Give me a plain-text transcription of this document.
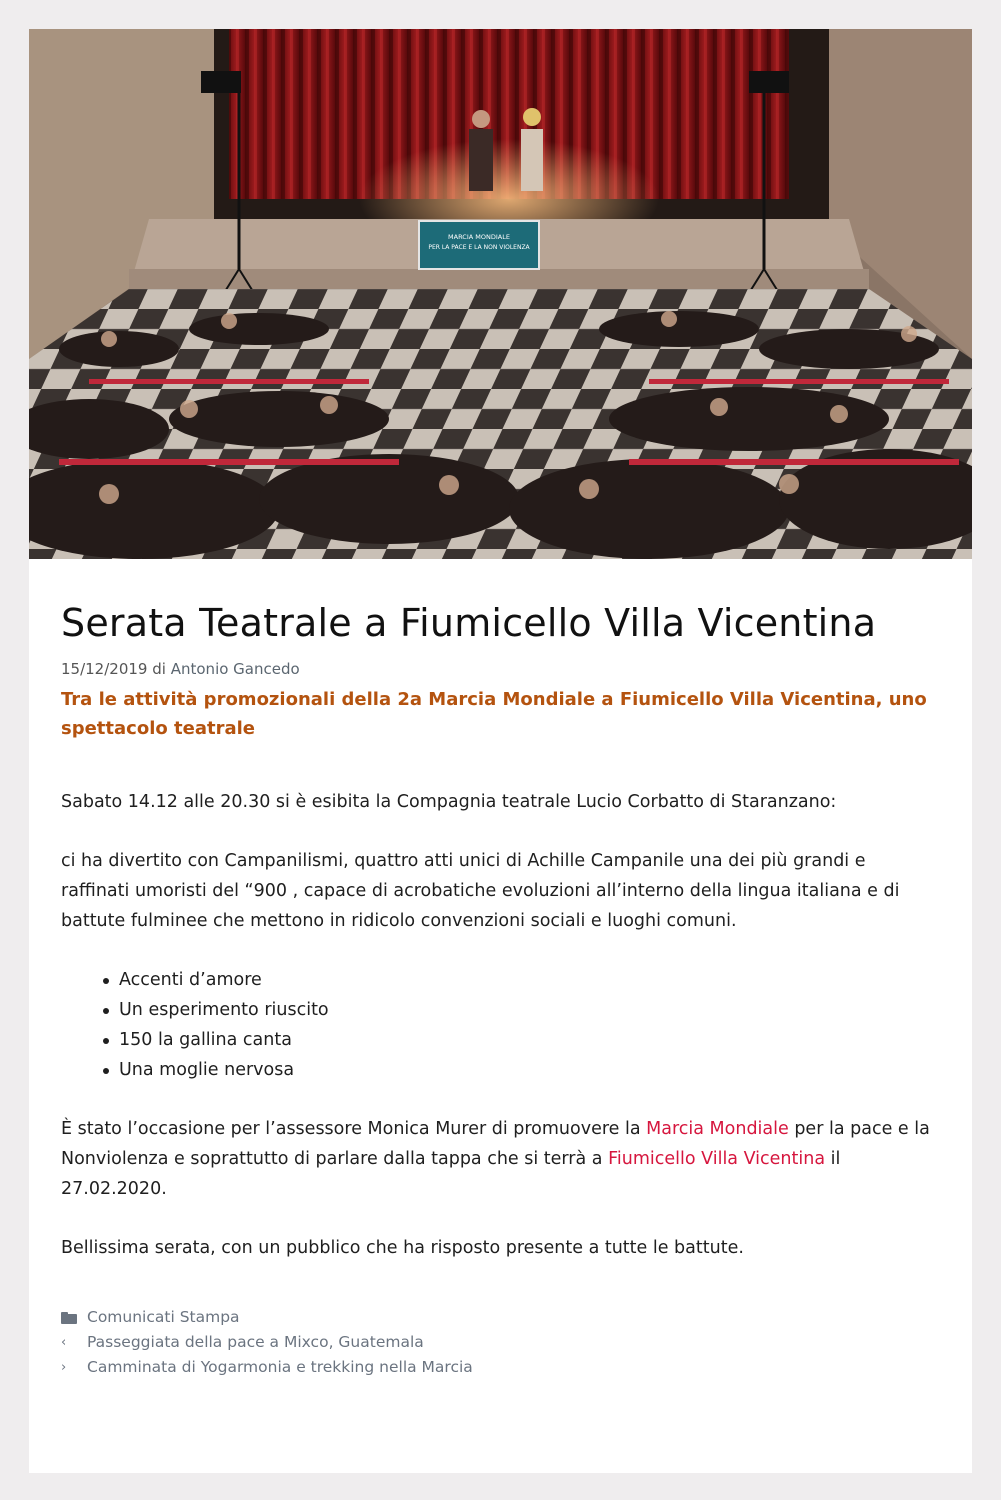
MARCIA MONDIALE
PER LA PACE E LA NON VIOLENZA
Serata Teatrale a Fiumicello Villa Vicentina
15/12/2019 di Antonio Gancedo
Tra le attività promozionali della 2a Marcia Mondiale a Fiumicello Villa Vicentina, uno spettacolo teatrale

Sabato 14.12 alle 20.30 si è esibita la Compagnia teatrale Lucio Corbatto di Staranzano:

ci ha divertito con Campanilismi, quattro atti unici di Achille Campanile una dei più grandi e raffinati umoristi del “900 , capace di acrobatiche evoluzioni all’interno della lingua italiana e di battute fulminee che mettono in ridicolo convenzioni sociali e luoghi comuni.

Accenti d’amore
Un esperimento riuscito
150 la gallina canta
Una moglie nervosa

È stato l’occasione per l’assessore Monica Murer di promuovere la Marcia Mondiale per la pace e la Nonviolenza e soprattutto di parlare dalla tappa che si terrà a Fiumicello Villa Vicentina il 27.02.2020.

Bellissima serata, con un pubblico che ha risposto presente a tutte le battute.

Comunicati Stampa
‹	Passeggiata della pace a Mixco, Guatemala
›	Camminata di Yogarmonia e trekking nella Marcia
